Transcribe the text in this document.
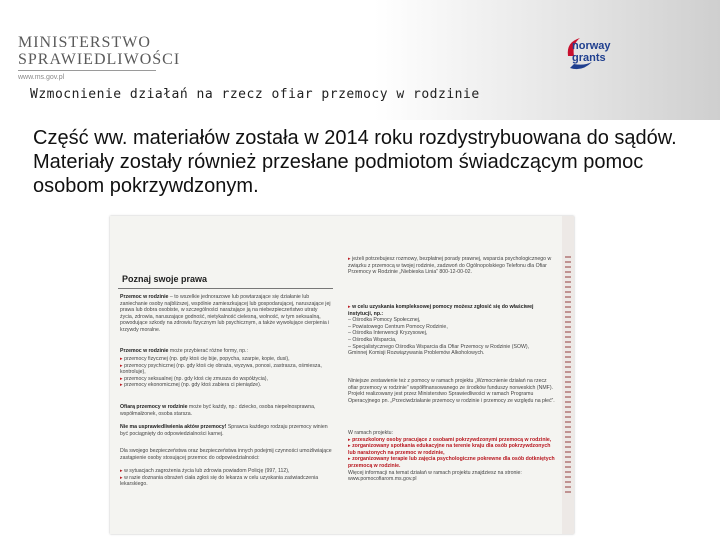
MINISTERSTWO
SPRAWIEDLIWOŚCI
www.ms.gov.pl
norway
grants
Wzmocnienie działań na rzecz ofiar przemocy w rodzinie
Część ww. materiałów została w 2014 roku rozdystrybuowana do sądów. Materiały zostały również przesłane podmiotom świadczącym pomoc osobom pokrzywdzonym.
Poznaj swoje prawa
Przemoc w rodzinie – to wszelkie jednorazowe lub powtarzające się działanie lub zaniechanie osoby najbliższej, wspólnie zamieszkującej lub gospodarującej, naruszające jej prawa lub dobra osobiste, w szczególności narażające ją na niebezpieczeństwo utraty życia, zdrowia, naruszające godność, nietykalność cielesną, wolność, w tym seksualną, powodujące szkody na zdrowiu fizycznym lub psychicznym, a także wywołujące cierpienia i krzywdy moralne.
Przemoc w rodzinie może przybierać różne formy, np.:
▸ przemocy fizycznej (np. gdy ktoś cię bije, popycha, szarpie, kopie, dusi),
▸ przemocy psychicznej (np. gdy ktoś cię obraża, wyzywa, ponosi, zastrasza, ośmiesza, kontroluje),
▸ przemocy seksualnej (np. gdy ktoś cię zmusza do współżycia),
▸ przemocy ekonomicznej (np. gdy ktoś zabiera ci pieniądze).
Ofiarą przemocy w rodzinie może być każdy, np.: dziecko, osoba niepełnosprawna, współmałżonek, osoba starsza.
Nie ma usprawiedliwienia aktów przemocy! Sprawca każdego rodzaju przemocy winien być pociągnięty do odpowiedzialności karnej.
Dla swojego bezpieczeństwa oraz bezpieczeństwa innych podejmij czynności umożliwiające zastąpienie osoby stosującej przemoc do odpowiedzialności:
▸ w sytuacjach zagrożenia życia lub zdrowia powiadom Policję (997, 112),
▸ w razie doznania obrażeń ciała zgłoś się do lekarza w celu uzyskania zaświadczenia lekarskiego.
▸ jeżeli potrzebujesz rozmowy, bezpłatnej porady prawnej, wsparcia psychologicznego w związku z przemocą w twojej rodzinie, zadzwoń do Ogólnopolskiego Telefonu dla Ofiar Przemocy w Rodzinie „Niebieska Linia” 800-12-00-02.
▸ w celu uzyskania kompleksowej pomocy możesz zgłosić się do właściwej instytucji, np.:
– Ośrodka Pomocy Społecznej,
– Powiatowego Centrum Pomocy Rodzinie,
– Ośrodka Interwencji Kryzysowej,
– Ośrodka Wsparcia,
– Specjalistycznego Ośrodka Wsparcia dla Ofiar Przemocy w Rodzinie (SOW),
Gminnej Komisji Rozwiązywania Problemów Alkoholowych.
Niniejsze zestawienie też z pomocy w ramach projektu „Wzmocnienie działań na rzecz ofiar przemocy w rodzinie” współfinansowanego ze środków funduszy norweskich (NMF). Projekt realizowany jest przez Ministerstwo Sprawiedliwości w ramach Programu Operacyjnego pn. „Przeciwdziałanie przemocy w rodzinie i przemocy ze względu na płeć”.
W ramach projektu:
▸ przeszkolony osoby pracujące z osobami pokrzywdzonymi przemocą w rodzinie,
▸ zorganizowany spotkania edukacyjne na terenie kraju dla osób pokrzywdzonych lub narażonych na przemoc w rodzinie,
▸ zorganizowany terapie lub zajęcia psychologiczne pokrewne dla osób dotkniętych przemocą w rodzinie.
Więcej informacji na temat działań w ramach projektu znajdziesz na stronie: www.pomocofiarom.ms.gov.pl
